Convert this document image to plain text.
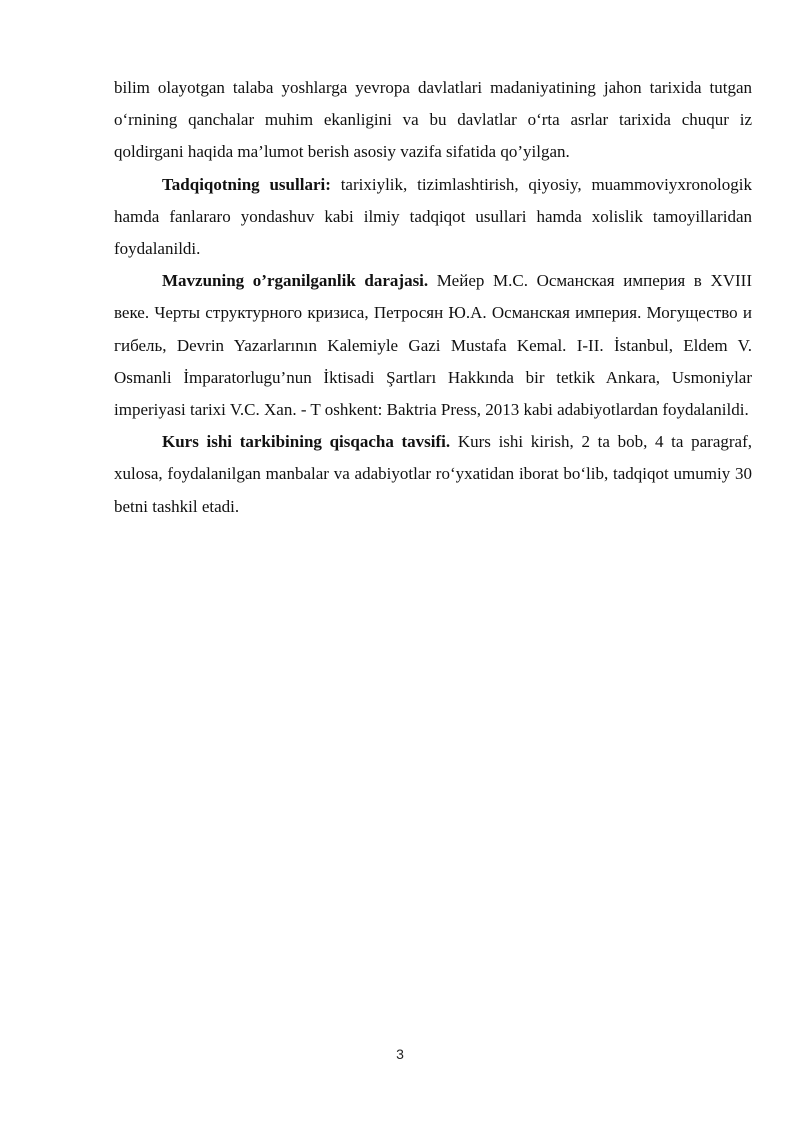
bilim olayotgan talaba yoshlarga yevropa davlatlari madaniyatining jahon tarixida tutgan o‘rnining qanchalar muhim ekanligini va bu davlatlar o‘rta asrlar tarixida chuqur iz qoldirgani haqida ma’lumot berish asosiy vazifa sifatida qo’yilgan.

Tadqiqotning usullari: tarixiylik, tizimlashtirish, qiyosiy, muammoviyxronologik hamda fanlararo yondashuv kabi ilmiy tadqiqot usullari hamda xolislik tamoyillaridan foydalanildi.

Mavzuning o’rganilganlik darajasi. Мейер М.С. Османская империя в XVIII веке. Черты структурного кризиса, Петросян Ю.А. Османская империя. Могущество и гибель, Devrin Yazarlarının Kalemiyle Gazi Mustafa Kemal. I-II. İstanbul, Eldem V. Osmanli İmparatorlugu’nun İktisadi Şartları Hakkında bir tetkik Ankara, Usmoniylar imperiyasi tarixi V.C. Xan. - T oshkent: Baktria Press, 2013 kabi adabiyotlardan foydalanildi.

Kurs ishi tarkibining qisqacha tavsifi. Kurs ishi kirish, 2 ta bob, 4 ta paragraf, xulosa, foydalanilgan manbalar va adabiyotlar ro‘yxatidan iborat bo‘lib, tadqiqot umumiy 30 betni tashkil etadi.

3
